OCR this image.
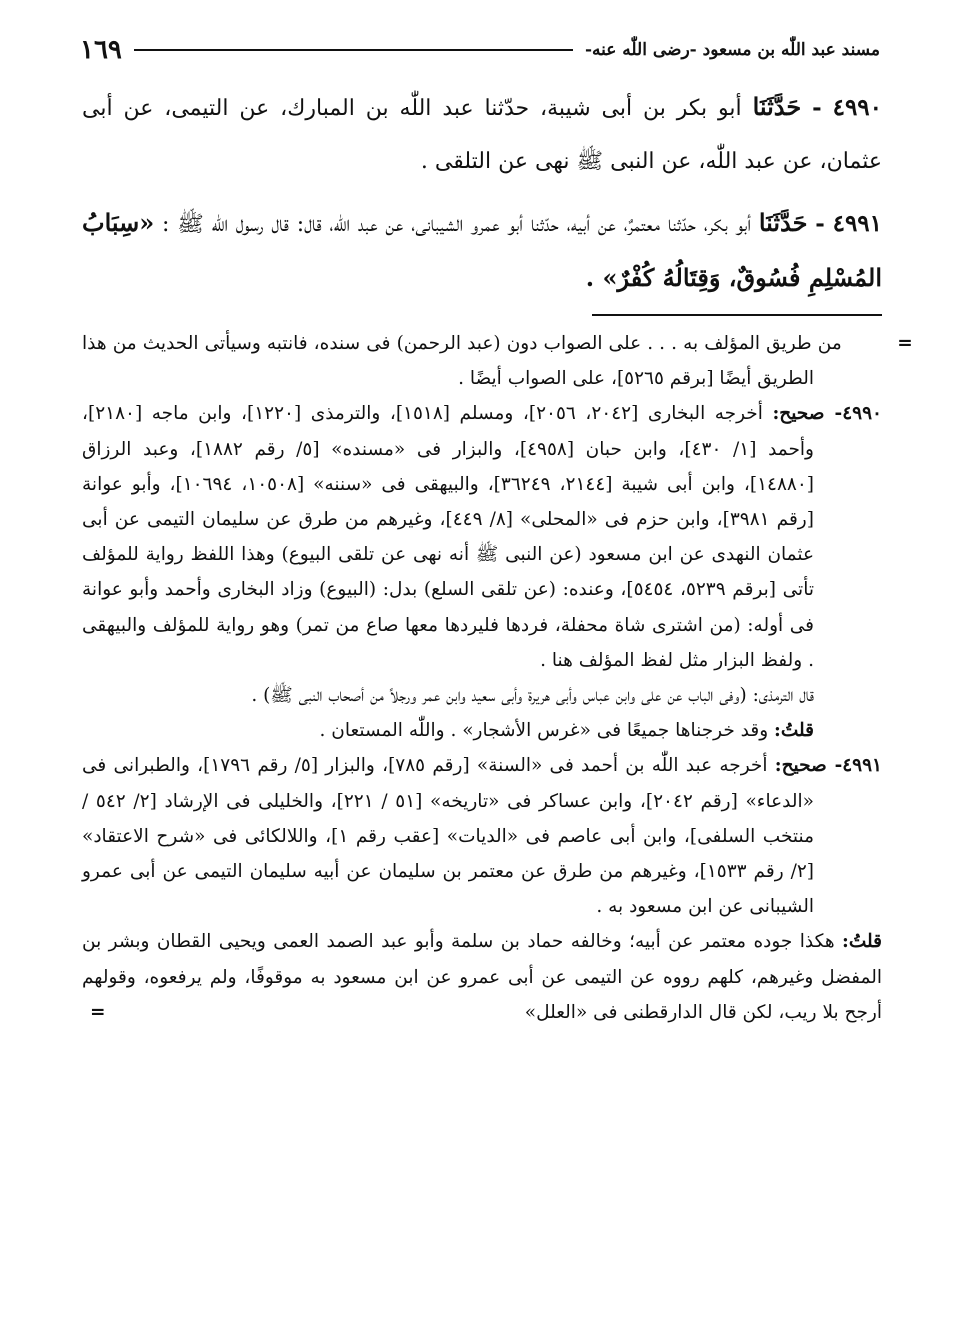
مسند عبد اللّٰه بن مسعود -رضى اللّٰه عنه-
١٦٩

٤٩٩٠ - حَدَّثَنَا أبو بكر بن أبى شيبة، حدّثنا عبد اللّٰه بن المبارك، عن التيمى، عن أبى عثمان، عن عبد اللّٰه، عن النبى ﷺ نهى عن التلقى .

٤٩٩١ - حَدَّثَنَا أبو بكر، حدّثنا معتمرٌ، عن أبيه، حدّثنا أبو عمرو الشيبانى، عن عبد اللّٰه، قال: قال رسول اللّٰه ﷺ : «سِبَابُ المُسْلِمِ فُسُوقٌ، وَقِتَالُهُ كُفْرٌ» .

=   من طريق المؤلف به . . . على الصواب دون (عبد الرحمن) فى سنده، فانتبه وسيأتى الحديث من هذا الطريق أيضًا [برقم ٥٢٦٥]، على الصواب أيضًا .

٤٩٩٠- صحيح: أخرجه البخارى [٢٠٤٢، ٢٠٥٦]، ومسلم [١٥١٨]، والترمذى [١٢٢٠]، وابن ماجه [٢١٨٠]، وأحمد [١/ ٤٣٠]، وابن حبان [٤٩٥٨]، والبزار فى «مسنده» [٥/ رقم ١٨٨٢]، وعبد الرزاق [١٤٨٨٠]، وابن أبى شيبة [٢١٤٤، ٣٦٢٤٩]، والبيهقى فى «سننه» [١٠٥٠٨، ١٠٦٩٤]، وأبو عوانة [رقم ٣٩٨١]، وابن حزم فى «المحلى» [٨/ ٤٤٩]، وغيرهم من طرق عن سليمان التيمى عن أبى عثمان النهدى عن ابن مسعود (عن النبى ﷺ أنه نهى عن تلقى البيوع) وهذا اللفظ رواية للمؤلف تأتى [برقم ٥٢٣٩، ٥٤٥٤]، وعنده: (عن تلقى السلع) بدل: (البيوع) وزاد البخارى وأحمد وأبو عوانة فى أوله: (من اشترى شاة محفلة، فردها فليردها معها صاع من تمر) وهو رواية للمؤلف والبيهقى . ولفظ البزار مثل لفظ المؤلف هنا .

قال الترمذى: (وفى الباب عن على وابن عباس وأبى هريرة وأبى سعيد وابن عمر ورجلاً من أصحاب النبى ﷺ) .

قلتُ: وقد خرجناها جميعًا فى «غرس الأشجار» . واللّٰه المستعان .

٤٩٩١- صحيح: أخرجه عبد اللّٰه بن أحمد فى «السنة» [رقم ٧٨٥]، والبزار [٥/ رقم ١٧٩٦]، والطبرانى فى «الدعاء» [رقم ٢٠٤٢]، وابن عساكر فى «تاريخه» [٥١ / ٢٢١]، والخليلى فى الإرشاد [٢/ ٥٤٢ / منتخب السلفى]، وابن أبى عاصم فى «الديات» [عقب رقم ١]، واللالكائى فى «شرح الاعتقاد» [٢/ رقم ١٥٣٣]، وغيرهم من طرق عن معتمر بن سليمان عن أبيه سليمان التيمى عن أبى عمرو الشيبانى عن ابن مسعود به .

قلتُ: هكذا جوده معتمر عن أبيه؛ وخالفه حماد بن سلمة وأبو عبد الصمد العمى ويحيى القطان وبشر بن المفضل وغيرهم، كلهم رووه عن التيمى عن أبى عمرو عن ابن مسعود به موقوفًا، ولم يرفعوه، وقولهم أرجح بلا ريب، لكن قال الدارقطنى فى «العلل»
=
